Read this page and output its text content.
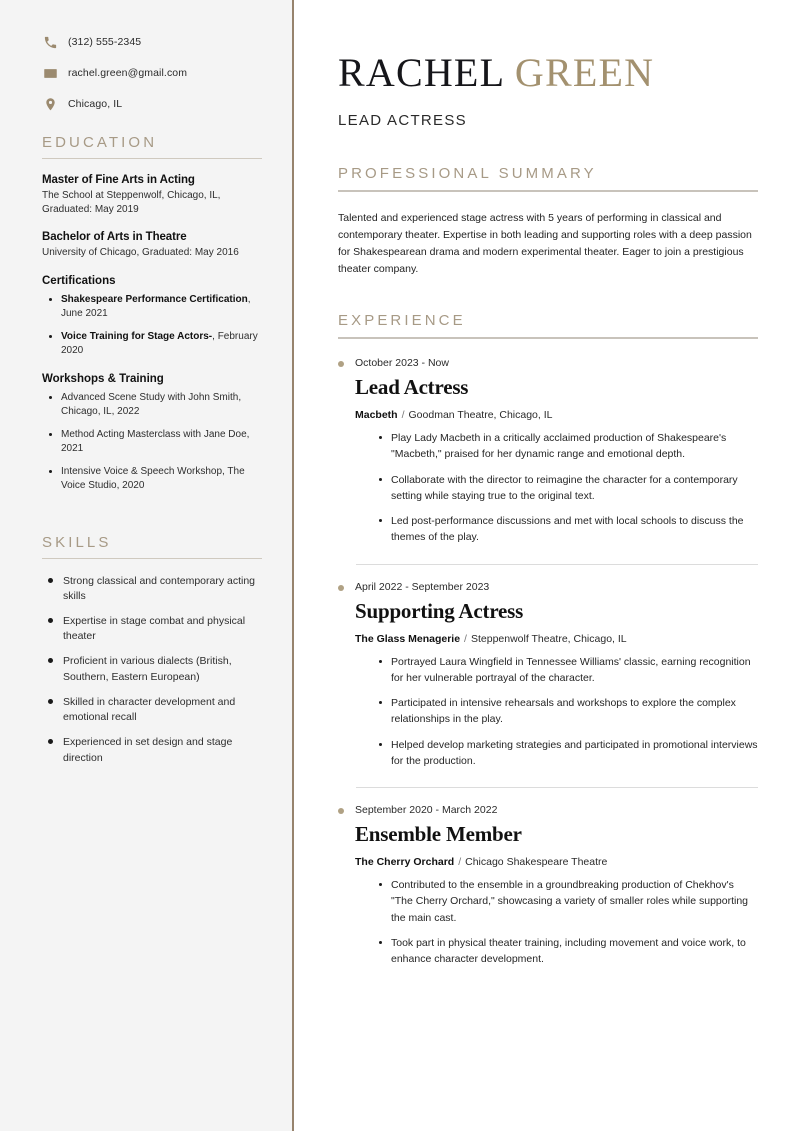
(312) 555-2345
rachel.green@gmail.com
Chicago, IL
EDUCATION
Master of Fine Arts in Acting
The School at Steppenwolf, Chicago, IL, Graduated: May 2019
Bachelor of Arts in Theatre
University of Chicago, Graduated: May 2016
Certifications
Shakespeare Performance Certification, June 2021
Voice Training for Stage Actors-, February 2020
Workshops & Training
Advanced Scene Study with John Smith, Chicago, IL, 2022
Method Acting Masterclass with Jane Doe, 2021
Intensive Voice & Speech Workshop, The Voice Studio, 2020
SKILLS
Strong classical and contemporary acting skills
Expertise in stage combat and physical theater
Proficient in various dialects (British, Southern, Eastern European)
Skilled in character development and emotional recall
Experienced in set design and stage direction
RACHEL GREEN
LEAD ACTRESS
PROFESSIONAL SUMMARY

Talented and experienced stage actress with 5 years of performing in classical and contemporary theater. Expertise in both leading and supporting roles with a deep passion for Shakespearean drama and modern experimental theater. Eager to join a prestigious theater company.

EXPERIENCE
October 2023 - Now
Lead Actress
Macbeth / Goodman Theatre, Chicago, IL
Play Lady Macbeth in a critically acclaimed production of Shakespeare's "Macbeth," praised for her dynamic range and emotional depth.
Collaborate with the director to reimagine the character for a contemporary setting while staying true to the original text.
Led post-performance discussions and met with local schools to discuss the themes of the play.
April 2022 - September 2023
Supporting Actress
The Glass Menagerie / Steppenwolf Theatre, Chicago, IL
Portrayed Laura Wingfield in Tennessee Williams' classic, earning recognition for her vulnerable portrayal of the character.
Participated in intensive rehearsals and workshops to explore the complex relationships in the play.
Helped develop marketing strategies and participated in promotional interviews for the production.
September 2020 - March 2022
Ensemble Member
The Cherry Orchard / Chicago Shakespeare Theatre
Contributed to the ensemble in a groundbreaking production of Chekhov's "The Cherry Orchard," showcasing a variety of smaller roles while supporting the main cast.
Took part in physical theater training, including movement and voice work, to enhance character development.
